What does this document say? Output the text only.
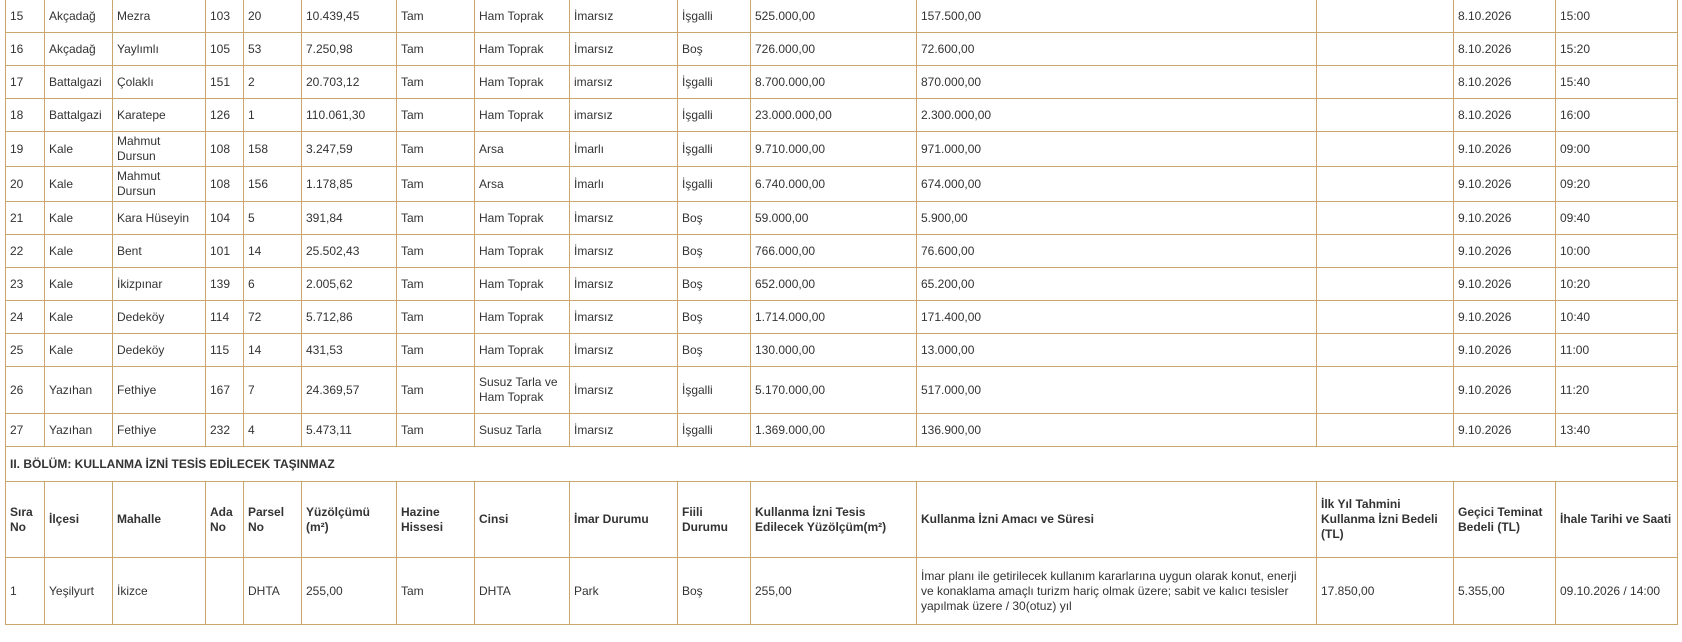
15	Akçadağ	Mezra	103	20	10.439,45	Tam	Ham Toprak	İmarsız	İşgalli	525.000,00	157.500,00		8.10.2026	15:00
16	Akçadağ	Yaylımlı	105	53	7.250,98	Tam	Ham Toprak	İmarsız	Boş	726.000,00	72.600,00		8.10.2026	15:20
17	Battalgazi	Çolaklı	151	2	20.703,12	Tam	Ham Toprak	imarsız	İşgalli	8.700.000,00	870.000,00		8.10.2026	15:40
18	Battalgazi	Karatepe	126	1	110.061,30	Tam	Ham Toprak	imarsız	İşgalli	23.000.000,00	2.300.000,00		8.10.2026	16:00
19	Kale	Mahmut Dursun	108	158	3.247,59	Tam	Arsa	İmarlı	İşgalli	9.710.000,00	971.000,00		9.10.2026	09:00
20	Kale	Mahmut Dursun	108	156	1.178,85	Tam	Arsa	İmarlı	İşgalli	6.740.000,00	674.000,00		9.10.2026	09:20
21	Kale	Kara Hüseyin	104	5	391,84	Tam	Ham Toprak	İmarsız	Boş	59.000,00	5.900,00		9.10.2026	09:40
22	Kale	Bent	101	14	25.502,43	Tam	Ham Toprak	İmarsız	Boş	766.000,00	76.600,00		9.10.2026	10:00
23	Kale	İkizpınar	139	6	2.005,62	Tam	Ham Toprak	İmarsız	Boş	652.000,00	65.200,00		9.10.2026	10:20
24	Kale	Dedeköy	114	72	5.712,86	Tam	Ham Toprak	İmarsız	Boş	1.714.000,00	171.400,00		9.10.2026	10:40
25	Kale	Dedeköy	115	14	431,53	Tam	Ham Toprak	İmarsız	Boş	130.000,00	13.000,00		9.10.2026	11:00
26	Yazıhan	Fethiye	167	7	24.369,57	Tam	Susuz Tarla ve Ham Toprak	İmarsız	İşgalli	5.170.000,00	517.000,00		9.10.2026	11:20
27	Yazıhan	Fethiye	232	4	5.473,11	Tam	Susuz Tarla	İmarsız	İşgalli	1.369.000,00	136.900,00		9.10.2026	13:40
II. BÖLÜM: KULLANMA İZNİ TESİS EDİLECEK TAŞINMAZ														
Sıra No	İlçesi	Mahalle	Ada No	Parsel No	Yüzölçümü (m²)	Hazine Hissesi	Cinsi	İmar Durumu	Fiili Durumu	Kullanma İzni Tesis Edilecek Yüzölçüm(m²)	Kullanma İzni Amacı ve Süresi	İlk Yıl Tahmini Kullanma İzni Bedeli (TL)	Geçici Teminat Bedeli (TL)	İhale Tarihi ve Saati
1	Yeşilyurt	İkizce		DHTA	255,00	Tam	DHTA	Park	Boş	255,00	İmar planı ile getirilecek kullanım kararlarına uygun olarak konut, enerji ve konaklama amaçlı turizm hariç olmak üzere; sabit ve kalıcı tesisler yapılmak üzere / 30(otuz) yıl	17.850,00	5.355,00	09.10.2026 / 14:00
